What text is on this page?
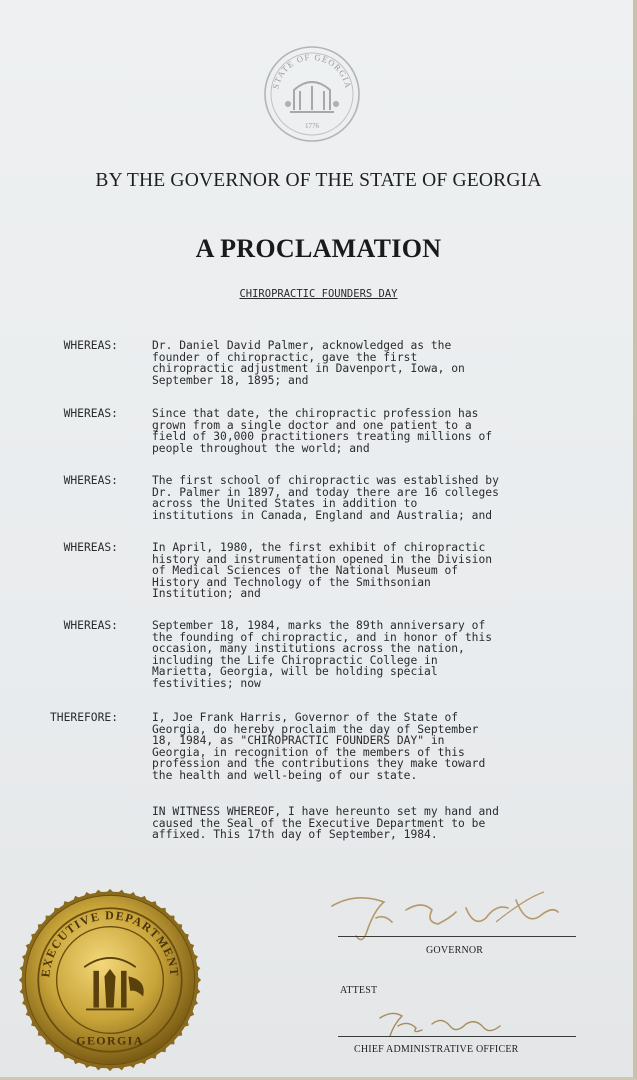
STATE OF GEORGIA
1776
BY THE GOVERNOR OF THE STATE OF GEORGIA
A PROCLAMATION
CHIROPRACTIC FOUNDERS DAY
WHEREAS:	Dr. Daniel David Palmer, acknowledged as the
founder of chiropractic, gave the first
chiropractic adjustment in Davenport, Iowa, on
September 18, 1895; and
WHEREAS:	Since that date, the chiropractic profession has
grown from a single doctor and one patient to a
field of 30,000 practitioners treating millions of
people throughout the world; and
WHEREAS:	The first school of chiropractic was established by
Dr. Palmer in 1897, and today there are 16 colleges
across the United States in addition to
institutions in Canada, England and Australia; and
WHEREAS:	In April, 1980, the first exhibit of chiropractic
history and instrumentation opened in the Division
of Medical Sciences of the National Museum of
History and Technology of the Smithsonian
Institution; and
WHEREAS:	September 18, 1984, marks the 89th anniversary of
the founding of chiropractic, and in honor of this
occasion, many institutions across the nation,
including the Life Chiropractic College in
Marietta, Georgia, will be holding special
festivities; now
THEREFORE:	I, Joe Frank Harris, Governor of the State of
Georgia, do hereby proclaim the day of September
18, 1984, as "CHIROPRACTIC FOUNDERS DAY" in
Georgia, in recognition of the members of this
profession and the contributions they make toward
the health and well-being of our state.
IN WITNESS WHEREOF, I have hereunto set my hand and
caused the Seal of the Executive Department to be
affixed. This 17th day of September, 1984.
GOVERNOR
ATTEST
CHIEF ADMINISTRATIVE OFFICER
EXECUTIVE DEPARTMENT
GEORGIA
